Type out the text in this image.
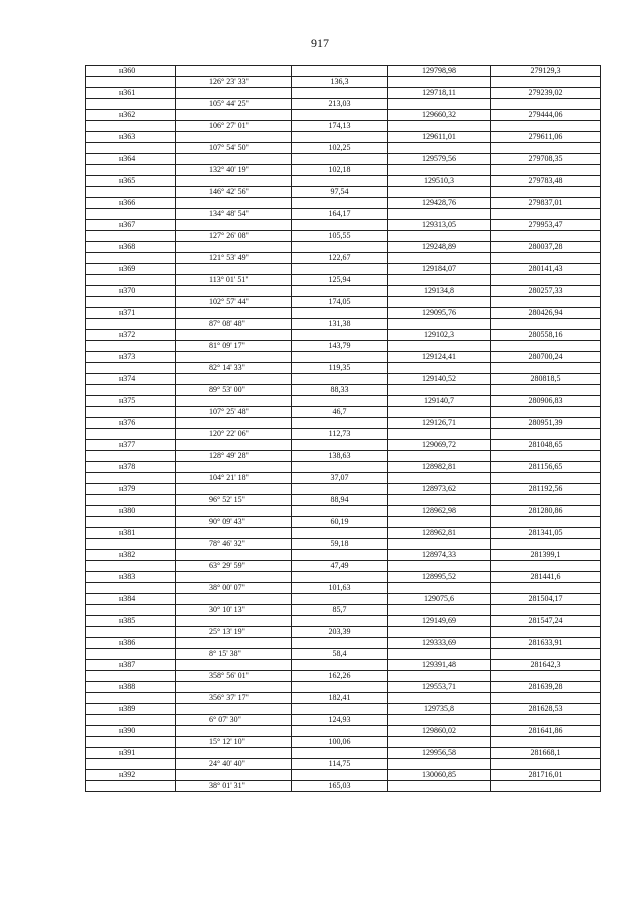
917
н360			129798,98	279129,3
	126° 23' 33"	136,3		
н361			129718,11	279239,02
	105° 44' 25"	213,03		
н362			129660,32	279444,06
	106° 27' 01"	174,13		
н363			129611,01	279611,06
	107° 54' 50"	102,25		
н364			129579,56	279708,35
	132° 40' 19"	102,18		
н365			129510,3	279783,48
	146° 42' 56"	97,54		
н366			129428,76	279837,01
	134° 48' 54"	164,17		
н367			129313,05	279953,47
	127° 26' 08"	105,55		
н368			129248,89	280037,28
	121° 53' 49"	122,67		
н369			129184,07	280141,43
	113° 01' 51"	125,94		
н370			129134,8	280257,33
	102° 57' 44"	174,05		
н371			129095,76	280426,94
	87° 08' 48"	131,38		
н372			129102,3	280558,16
	81° 09' 17"	143,79		
н373			129124,41	280700,24
	82° 14' 33"	119,35		
н374			129140,52	280818,5
	89° 53' 00"	88,33		
н375			129140,7	280906,83
	107° 25' 48"	46,7		
н376			129126,71	280951,39
	120° 22' 06"	112,73		
н377			129069,72	281048,65
	128° 49' 28"	138,63		
н378			128982,81	281156,65
	104° 21' 18"	37,07		
н379			128973,62	281192,56
	96° 52' 15"	88,94		
н380			128962,98	281280,86
	90° 09' 43"	60,19		
н381			128962,81	281341,05
	78° 46' 32"	59,18		
н382			128974,33	281399,1
	63° 29' 59"	47,49		
н383			128995,52	281441,6
	38° 00' 07"	101,63		
н384			129075,6	281504,17
	30° 10' 13"	85,7		
н385			129149,69	281547,24
	25° 13' 19"	203,39		
н386			129333,69	281633,91
	8° 15' 38"	58,4		
н387			129391,48	281642,3
	358° 56' 01"	162,26		
н388			129553,71	281639,28
	356° 37' 17"	182,41		
н389			129735,8	281628,53
	6° 07' 30"	124,93		
н390			129860,02	281641,86
	15° 12' 10"	100,06		
н391			129956,58	281668,1
	24° 40' 40"	114,75		
н392			130060,85	281716,01
	38° 01' 31"	165,03		
